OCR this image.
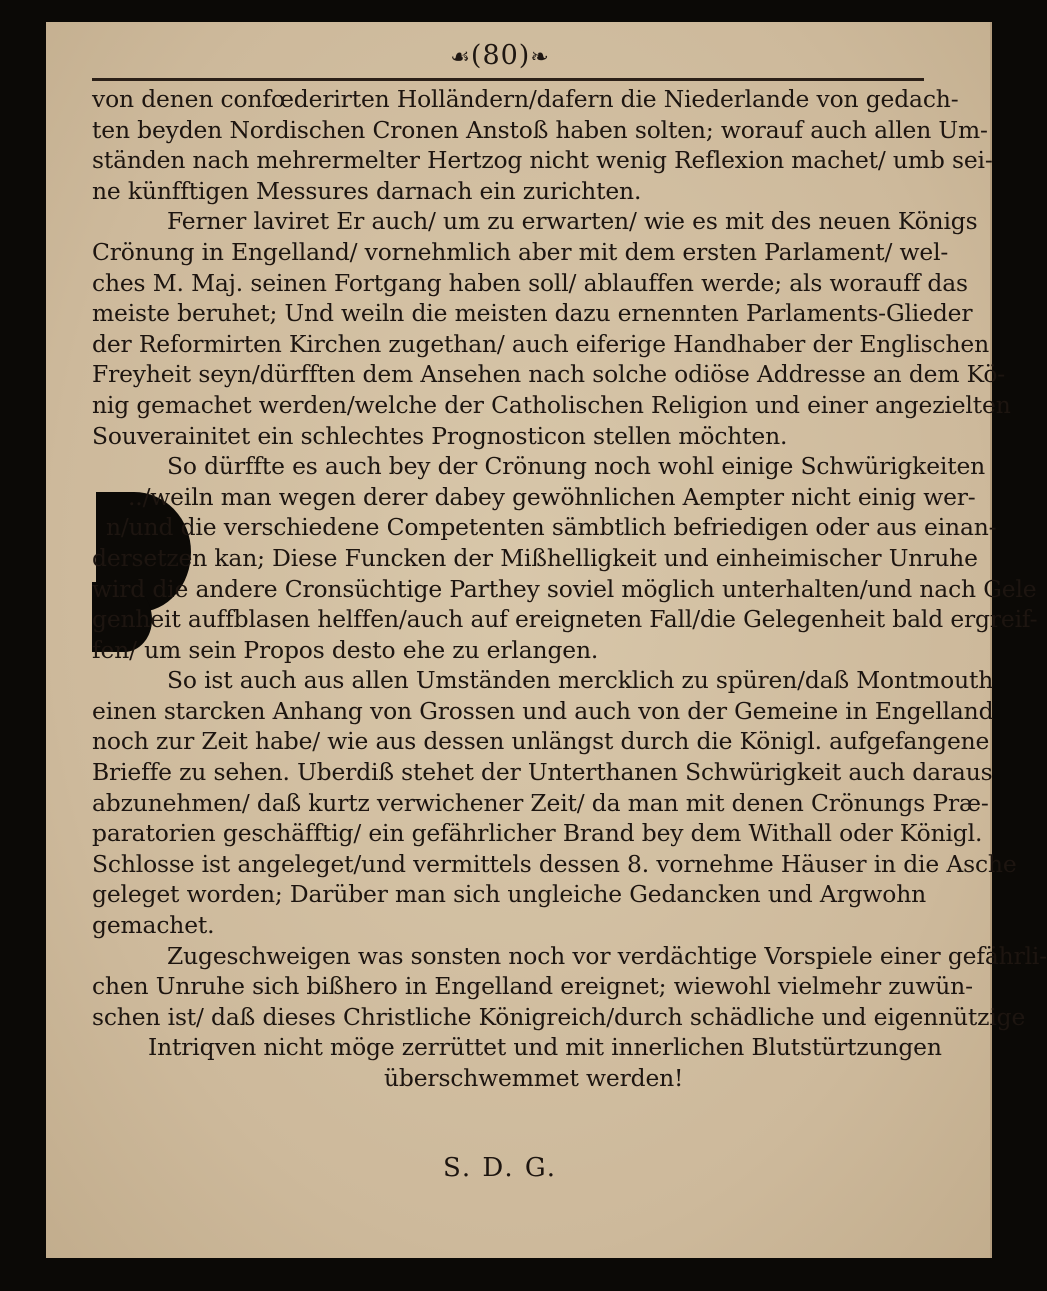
☙(80)❧
von denen confœderirten Holländern/dafern die Niederlande von gedach-
ten beyden Nordischen Cronen Anstoß haben solten; worauf auch allen Um-
ständen nach mehrermelter Hertzog nicht wenig Reflexion machet/ umb sei-
ne künfftigen Messures darnach ein zurichten.
Ferner laviret Er auch/ um zu erwarten/ wie es mit des neuen Königs
Crönung in Engelland/ vornehmlich aber mit dem ersten Parlament/ wel-
ches M. Maj. seinen Fortgang haben soll/ ablauffen werde; als worauff das
meiste beruhet; Und weiln die meisten dazu ernennten Parlaments-Glieder
der Reformirten Kirchen zugethan/ auch eiferige Handhaber der Englischen
Freyheit seyn/dürfften dem Ansehen nach solche odiöse Addresse an dem Kö-
nig gemachet werden/welche der Catholischen Religion und einer angezielten
Souverainitet ein schlechtes Prognosticon stellen möchten.
So dürffte es auch bey der Crönung noch wohl einige Schwürigkeiten
../weiln man wegen derer dabey gewöhnlichen Aempter nicht einig wer-
n/und die verschiedene Competenten sämbtlich befriedigen oder aus einan-
dersetzen kan; Diese Funcken der Mißhelligkeit und einheimischer Unruhe
wird die andere Cronsüchtige Parthey soviel möglich unterhalten/und nach Gele
genheit auffblasen helffen/auch auf ereigneten Fall/die Gelegenheit bald ergreif-
fen/ um sein Propos desto ehe zu erlangen.
So ist auch aus allen Umständen mercklich zu spüren/daß Montmouth
einen starcken Anhang von Grossen und auch von der Gemeine in Engelland
noch zur Zeit habe/ wie aus dessen unlängst durch die Königl. aufgefangene
Brieffe zu sehen. Uberdiß stehet der Unterthanen Schwürigkeit auch daraus
abzunehmen/ daß kurtz verwichener Zeit/ da man mit denen Crönungs Præ-
paratorien geschäfftig/ ein gefährlicher Brand bey dem Withall oder Königl.
Schlosse ist angeleget/und vermittels dessen 8. vornehme Häuser in die Asche
geleget worden; Darüber man sich ungleiche Gedancken und Argwohn
gemachet.
Zugeschweigen was sonsten noch vor verdächtige Vorspiele einer gefährli-
chen Unruhe sich bißhero in Engelland ereignet; wiewohl vielmehr zuwün-
schen ist/ daß dieses Christliche Königreich/durch schädliche und eigennützige
Intriqven nicht möge zerrüttet und mit innerlichen Blutstürtzungen
überschwemmet werden!
S. D. G.
